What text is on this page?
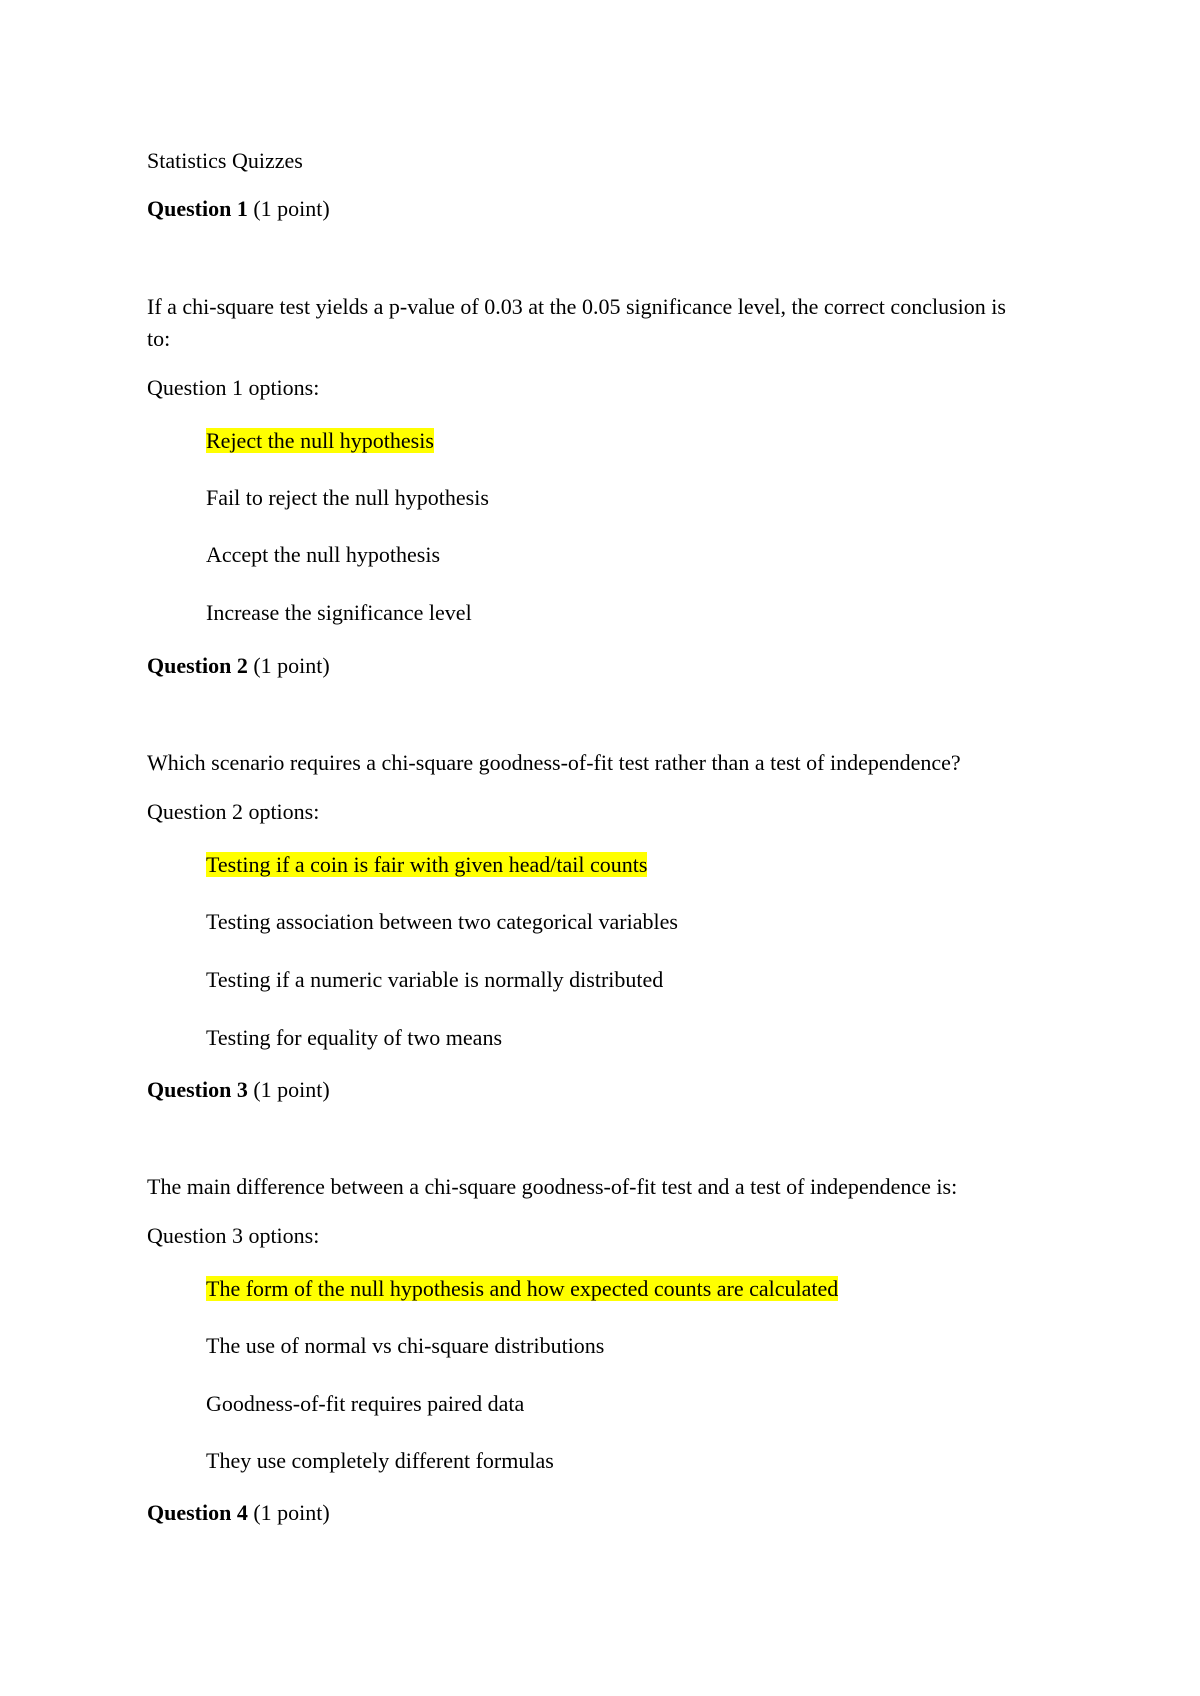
Statistics Quizzes
Question 1 (1 point)
If a chi-square test yields a p-value of 0.03 at the 0.05 significance level, the correct conclusion is to:
Question 1 options:
Reject the null hypothesis
Fail to reject the null hypothesis
Accept the null hypothesis
Increase the significance level
Question 2 (1 point)
Which scenario requires a chi-square goodness-of-fit test rather than a test of independence?
Question 2 options:
Testing if a coin is fair with given head/tail counts
Testing association between two categorical variables
Testing if a numeric variable is normally distributed
Testing for equality of two means
Question 3 (1 point)
The main difference between a chi-square goodness-of-fit test and a test of independence is:
Question 3 options:
The form of the null hypothesis and how expected counts are calculated
The use of normal vs chi-square distributions
Goodness-of-fit requires paired data
They use completely different formulas
Question 4 (1 point)
